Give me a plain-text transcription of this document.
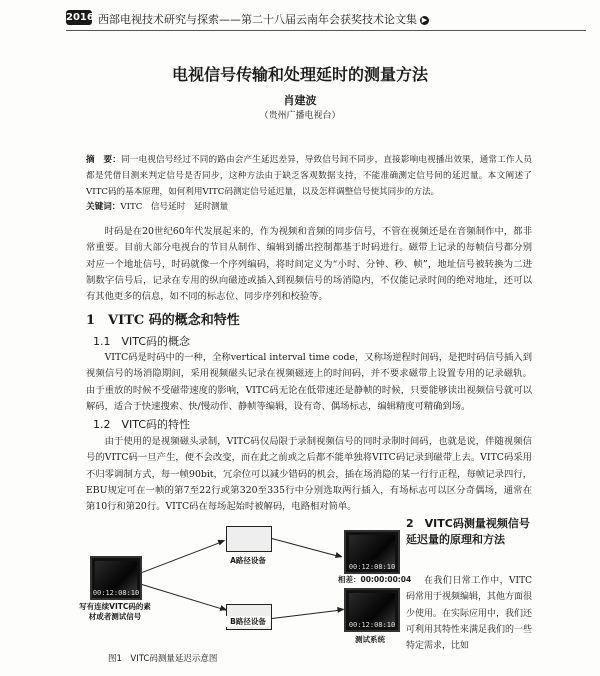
2016 西部电视技术研究与探索——第二十八届云南年会获奖技术论文集 ▶
电视信号传输和处理延时的测量方法
肖建波
（贵州广播电视台）
摘　要：同一电视信号经过不同的路由会产生延迟差异，导致信号间不同步，直接影响电视播出效果，通常工作人员都是凭借目测来判定信号是否同步，这种方法由于缺乏客观数据支持，不能准确测定信号间的延迟量。本文阐述了VITC码的基本原理，如何利用VITC码测定信号延迟量，以及怎样调整信号使其同步的方法。
关键词：VITC　信号延时　延时测量
时码是在20世纪60年代发展起来的，作为视频和音频的同步信号，不管在视频还是在音频制作中，都非常重要。目前大部分电视台的节目从制作、编辑到播出控制都基于时码进行。磁带上记录的每帧信号都分别对应一个地址信号，时码就像一个序列编码，将时间定义为“小时、分钟、秒、帧”，地址信号被转换为二进制数字信号后，记录在专用的纵向磁迹或插入到视频信号的场消隐内，不仅能记录时间的绝对地址，还可以有其他更多的信息，如不同的标志位、同步序列和校验等。
1　VITC 码的概念和特性
1.1　VITC码的概念
VITC码是时码中的一种，全称vertical interval time code，又称场逆程时间码，是把时码信号插入到视频信号的场消隐期间，采用视频磁头记录在视频磁迹上的时间码，并不要求磁带上设置专用的记录磁轨。由于重放的时候不受磁带速度的影响，VITC码无论在低带速还是静帧的时候，只要能够读出视频信号就可以解码，适合于快速搜索、快/慢动作、静帧等编辑，设有奇、偶场标志，编辑精度可精确到场。
1.2　VITC码的特性
由于使用的是视频磁头录制，VITC码仅局限于录制视频信号的同时录制时间码，也就是说，伴随视频信号的VITC码一旦产生，便不会改变，而在此之前或之后都不能单独将VITC码记录到磁带上去。VITC码采用不归零调制方式，每一帧90bit，冗余位可以减少错码的机会，插在场消隐的某一行行正程，每帧记录四行，EBU规定可在一帧的第7至22行或第320至335行中分别选取两行插入，有场标志可以区分奇偶场，通常在第10行和第20行。VITC码在每场起始时被解码，电路相对简单。
00:12:08:10
写有连续VITC码的素材或者测试信号
A路径设备
B路径设备
00:12:08:10
相差：00:00:00:04
00:12:08:10
测试系统
图1　VITC码测量延迟示意图
2　VITC码测量视频信号延迟量的原理和方法
在我们日常工作中，VITC 码常用于视频编辑，其他方面很少使用。在实际应用中，我们还可利用其特性来满足我们的一些特定需求，比如
